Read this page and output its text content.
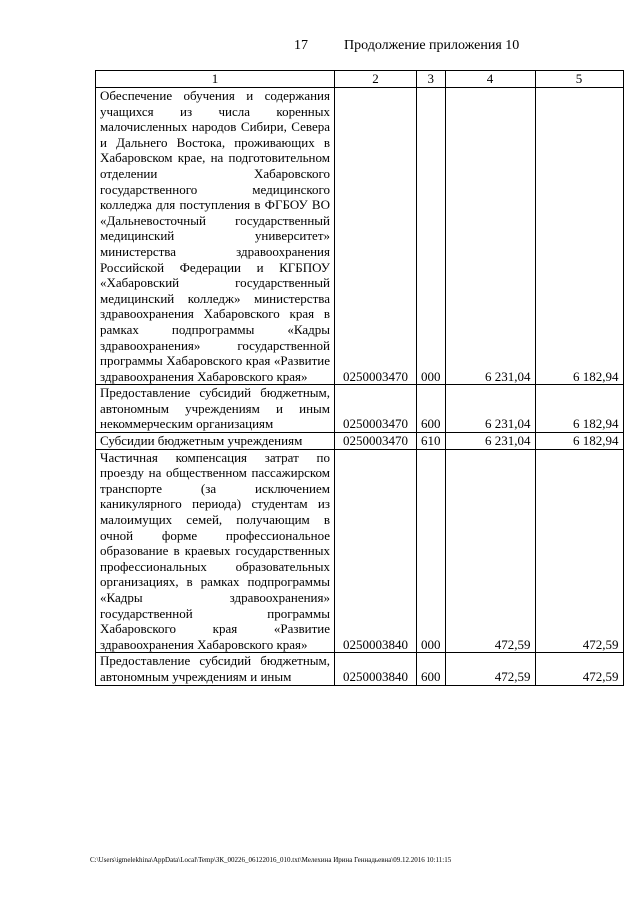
17	Продолжение приложения 10
1	2	3	4	5

Обеспечение обучения и содержания учащихся из числа коренных малочисленных народов Сибири, Севера и Дальнего Востока, проживающих в Хабаровском крае, на подготовительном отделении Хабаровского государственного медицинского колледжа для поступления в ФГБОУ ВО «Дальневосточный государственный медицинский университет» министерства здравоохранения Российской Федерации и КГБПОУ «Хабаровский государственный медицинский колледж» министерства здравоохранения Хабаровского края в рамках подпрограммы «Кадры здравоохранения» государственной программы Хабаровского края «Развитие здравоохранения Хабаровского края»	0250003470	000	6 231,04	6 182,94

Предоставление субсидий бюджетным, автономным учреждениям и иным некоммерческим организациям	0250003470	600	6 231,04	6 182,94

Субсидии бюджетным учреждениям	0250003470	610	6 231,04	6 182,94

Частичная компенсация затрат по проезду на общественном пассажирском транспорте (за исключением каникулярного периода) студентам из малоимущих семей, получающим в очной форме профессиональное образование в краевых государственных профессиональных образовательных организациях, в рамках подпрограммы «Кадры здравоохранения» государственной программы Хабаровского края «Развитие здравоохранения Хабаровского края»	0250003840	000	472,59	472,59

Предоставление субсидий бюджетным, автономным учреждениям и иным	0250003840	600	472,59	472,59
C:\Users\igmelekhina\AppData\Local\Temp\ЗК_00226_06122016_010.txt\Мелехина Ирина Геннадьевна\09.12.2016 10:11:15
